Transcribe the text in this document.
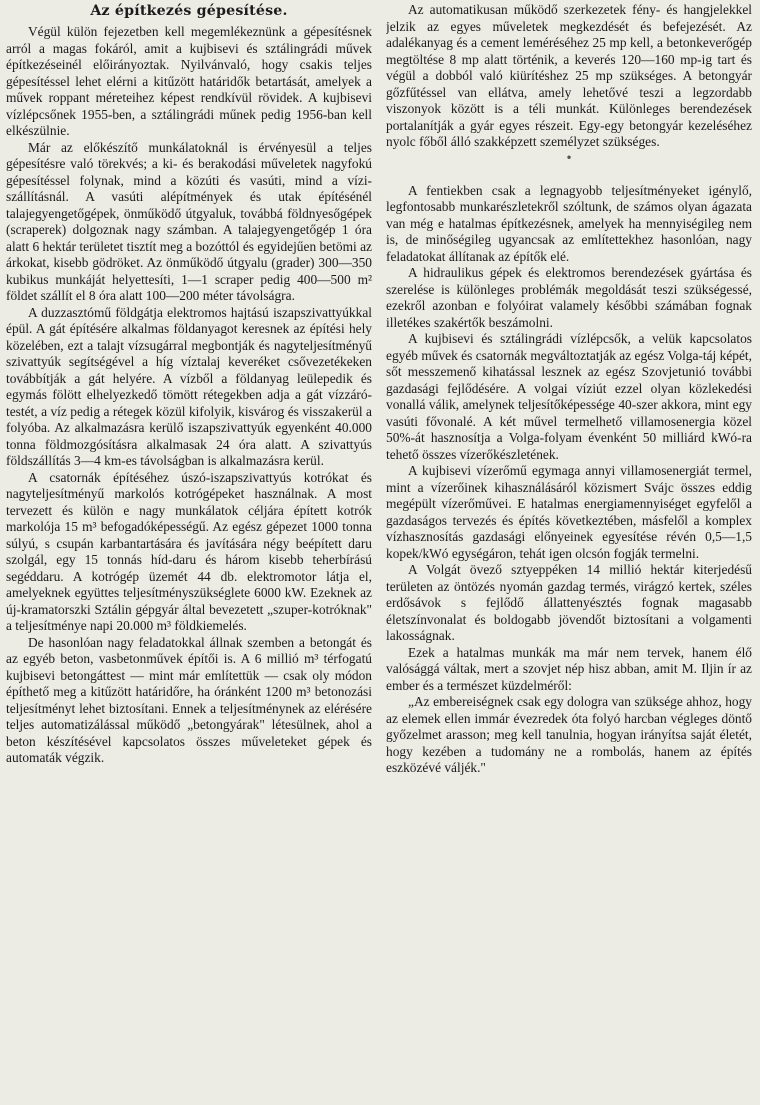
Az építkezés gépesítése.

Végül külön fejezetben kell megemlékeznünk a gépesítésnek arról a magas fokáról, amit a kujbisevi és sztálingrádi művek építkezéseinél előirányoztak. Nyilvánvaló, hogy csakis teljes gépesítéssel lehet elérni a kitűzött határidők betartását, amelyek a művek roppant méreteihez képest rendkívül rövidek. A kujbisevi vízlépcsőnek 1955-ben, a sztálingrádi műnek pedig 1956-ban kell elkészülnie.

Már az előkészítő munkálatoknál is érvényesül a teljes gépesítésre való törekvés; a ki- és berakodási műveletek nagyfokú gépesítéssel folynak, mind a közúti és vasúti, mind a vízi-szállításnál. A vasúti alépítmények és utak építésénél talajegyengetőgépek, önműködő útgyaluk, továbbá földnyesőgépek (scraperek) dolgoznak nagy számban. A talajegyengetőgép 1 óra alatt 6 hektár területet tisztít meg a bozóttól és egyidejűen betömi az árkokat, kisebb gödröket. Az önműködő útgyalu (grader) 300—350 kubikus munkáját helyettesíti, 1—1 scraper pedig 400—500 m² földet szállít el 8 óra alatt 100—200 méter távolságra.

A duzzasztómű földgátja elektromos hajtású iszapszivattyúkkal épül. A gát építésére alkalmas földanyagot keresnek az építési hely közelében, ezt a talajt vízsugárral megbontják és nagyteljesítményű szivattyúk segítségével a híg víztalaj keveréket csővezetékeken továbbítják a gát helyére. A vízből a földanyag leülepedik és egymás fölött elhelyezkedő tömött rétegekben adja a gát vízzáró-testét, a víz pedig a rétegek közül kifolyik, kisvárog és visszakerül a folyóba. Az alkalmazásra kerülő iszapszivattyúk egyenként 40.000 tonna földmozgósításra alkalmasak 24 óra alatt. A szivattyús földszállítás 3—4 km-es távolságban is alkalmazásra kerül.

A csatornák építéséhez úszó-iszapszivattyús kotrókat és nagyteljesítményű markolós kotrógépeket használnak. A most tervezett és külön e nagy munkálatok céljára épített kotrók markolója 15 m³ befogadóképességű. Az egész gépezet 1000 tonna súlyú, s csupán karbantartására és javítására négy beépített daru szolgál, egy 15 tonnás híd-daru és három kisebb teherbírású segéddaru. A kotrógép üzemét 44 db. elektromotor látja el, amelyeknek együttes teljesítményszükséglete 6000 kW. Ezeknek az új-kramatorszki Sztálin gépgyár által bevezetett „szuper-kotróknak" a teljesítménye napi 20.000 m³ földkiemelés.

De hasonlóan nagy feladatokkal állnak szemben a betongát és az egyéb beton, vasbetonművek építői is. A 6 millió m³ térfogatú kujbisevi betongáttest — mint már említettük — csak oly módon építhető meg a kitűzött határidőre, ha óránként 1200 m³ betonozási teljesítményt lehet biztosítani. Ennek a teljesítménynek az elérésére teljes automatizálással működő „betongyárak" létesülnek, ahol a beton készítésével kapcsolatos összes műveleteket gépek és automaták végzik.

Az automatikusan működő szerkezetek fény- és hangjelekkel jelzik az egyes műveletek megkezdését és befejezését. Az adalékanyag és a cement leméréséhez 25 mp kell, a betonkeverőgép megtöltése 8 mp alatt történik, a keverés 120—160 mp-ig tart és végül a dobból való kiürítéshez 25 mp szükséges. A betongyár gőzfűtéssel van ellátva, amely lehetővé teszi a legzordabb viszonyok között is a téli munkát. Különleges berendezések portalanítják a gyár egyes részeit. Egy-egy betongyár kezeléséhez nyolc főből álló szakképzett személyzet szükséges.

•

A fentiekben csak a legnagyobb teljesítményeket igénylő, legfontosabb munkarészletekről szóltunk, de számos olyan ágazata van még e hatalmas építkezésnek, amelyek ha mennyiségileg nem is, de minőségileg ugyancsak az említettekhez hasonlóan, nagy feladatokat állítanak az építők elé.

A hidraulikus gépek és elektromos berendezések gyártása és szerelése is különleges problémák megoldását teszi szükségessé, ezekről azonban e folyóirat valamely későbbi számában fognak illetékes szakértők beszámolni.

A kujbisevi és sztálingrádi vízlépcsők, a velük kapcsolatos egyéb művek és csatornák megváltoztatják az egész Volga-táj képét, sőt messzemenő kihatással lesznek az egész Szovjetunió további gazdasági fejlődésére. A volgai víziút ezzel olyan közlekedési vonallá válik, amelynek teljesítőképessége 40-szer akkora, mint egy vasúti fővonalé. A két művel termelhető villamosenergia közel 50%-át hasznosítja a Volga-folyam évenként 50 milliárd kWó-ra tehető összes vízerőkészletének.

A kujbisevi vízerőmű egymaga annyi villamosenergiát termel, mint a vízerőinek kihasználásáról közismert Svájc összes eddig megépült vízerőművei. E hatalmas energiamennyiséget egyfelől a gazdaságos tervezés és építés következtében, másfelől a komplex vízhasznosítás gazdasági előnyeinek egyesítése révén 0,5—1,5 kopek/kWó egységáron, tehát igen olcsón fogják termelni.

A Volgát övező sztyeppéken 14 millió hektár kiterjedésű területen az öntözés nyomán gazdag termés, virágzó kertek, széles erdősávok s fejlődő állattenyésztés fognak magasabb életszínvonalat és boldogabb jövendőt biztosítani a volgamenti lakosságnak.

Ezek a hatalmas munkák ma már nem tervek, hanem élő valósággá váltak, mert a szovjet nép hisz abban, amit M. Iljin ír az ember és a természet küzdelméről:

„Az embereiségnek csak egy dologra van szüksége ahhoz, hogy az elemek ellen immár évezredek óta folyó harcban végleges döntő győzelmet arasson; meg kell tanulnia, hogyan irányítsa saját életét, hogy kezében a tudomány ne a rombolás, hanem az építés eszközévé váljék."
